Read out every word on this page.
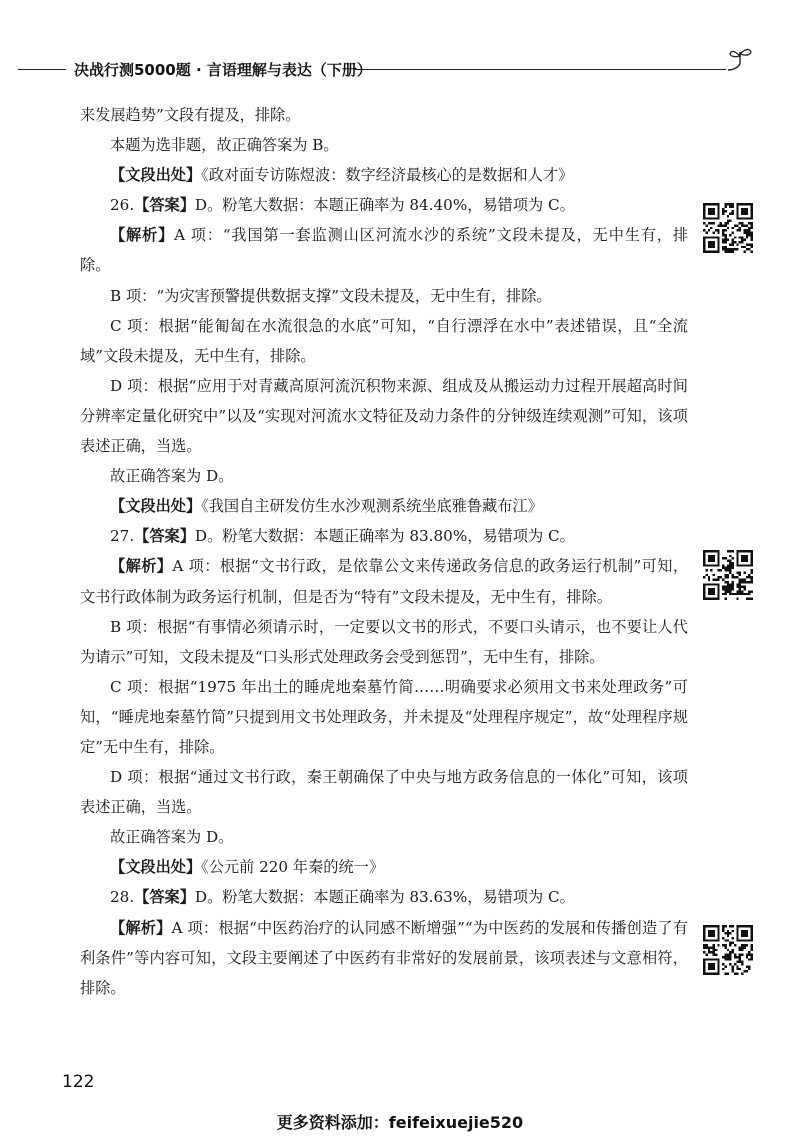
决战行测5000题 · 言语理解与表达（下册）

来发展趋势”文段有提及，排除。

本题为选非题，故正确答案为 B。

【文段出处】《政对面专访陈煜波：数字经济最核心的是数据和人才》

26.【答案】D。粉笔大数据：本题正确率为 84.40%，易错项为 C。

【解析】A 项：“我国第一套监测山区河流水沙的系统”文段未提及，无中生有，排除。

B 项：“为灾害预警提供数据支撑”文段未提及，无中生有，排除。

C 项：根据“能匍匐在水流很急的水底”可知，“自行漂浮在水中”表述错误，且“全流域”文段未提及，无中生有，排除。

D 项：根据“应用于对青藏高原河流沉积物来源、组成及从搬运动力过程开展超高时间分辨率定量化研究中”以及“实现对河流水文特征及动力条件的分钟级连续观测”可知，该项表述正确，当选。

故正确答案为 D。

【文段出处】《我国自主研发仿生水沙观测系统坐底雅鲁藏布江》

27.【答案】D。粉笔大数据：本题正确率为 83.80%，易错项为 C。

【解析】A 项：根据“文书行政，是依靠公文来传递政务信息的政务运行机制”可知，文书行政体制为政务运行机制，但是否为“特有”文段未提及，无中生有，排除。

B 项：根据“有事情必须请示时，一定要以文书的形式，不要口头请示，也不要让人代为请示”可知，文段未提及“口头形式处理政务会受到惩罚”，无中生有，排除。

C 项：根据“1975 年出土的睡虎地秦墓竹简……明确要求必须用文书来处理政务”可知，“睡虎地秦墓竹简”只提到用文书处理政务，并未提及“处理程序规定”，故“处理程序规定”无中生有，排除。

D 项：根据“通过文书行政，秦王朝确保了中央与地方政务信息的一体化”可知，该项表述正确，当选。

故正确答案为 D。

【文段出处】《公元前 220 年秦的统一》

28.【答案】D。粉笔大数据：本题正确率为 83.63%，易错项为 C。

【解析】A 项：根据“中医药治疗的认同感不断增强”“为中医药的发展和传播创造了有利条件”等内容可知，文段主要阐述了中医药有非常好的发展前景，该项表述与文意相符，排除。

122
更多资料添加：feifeixuejie520
